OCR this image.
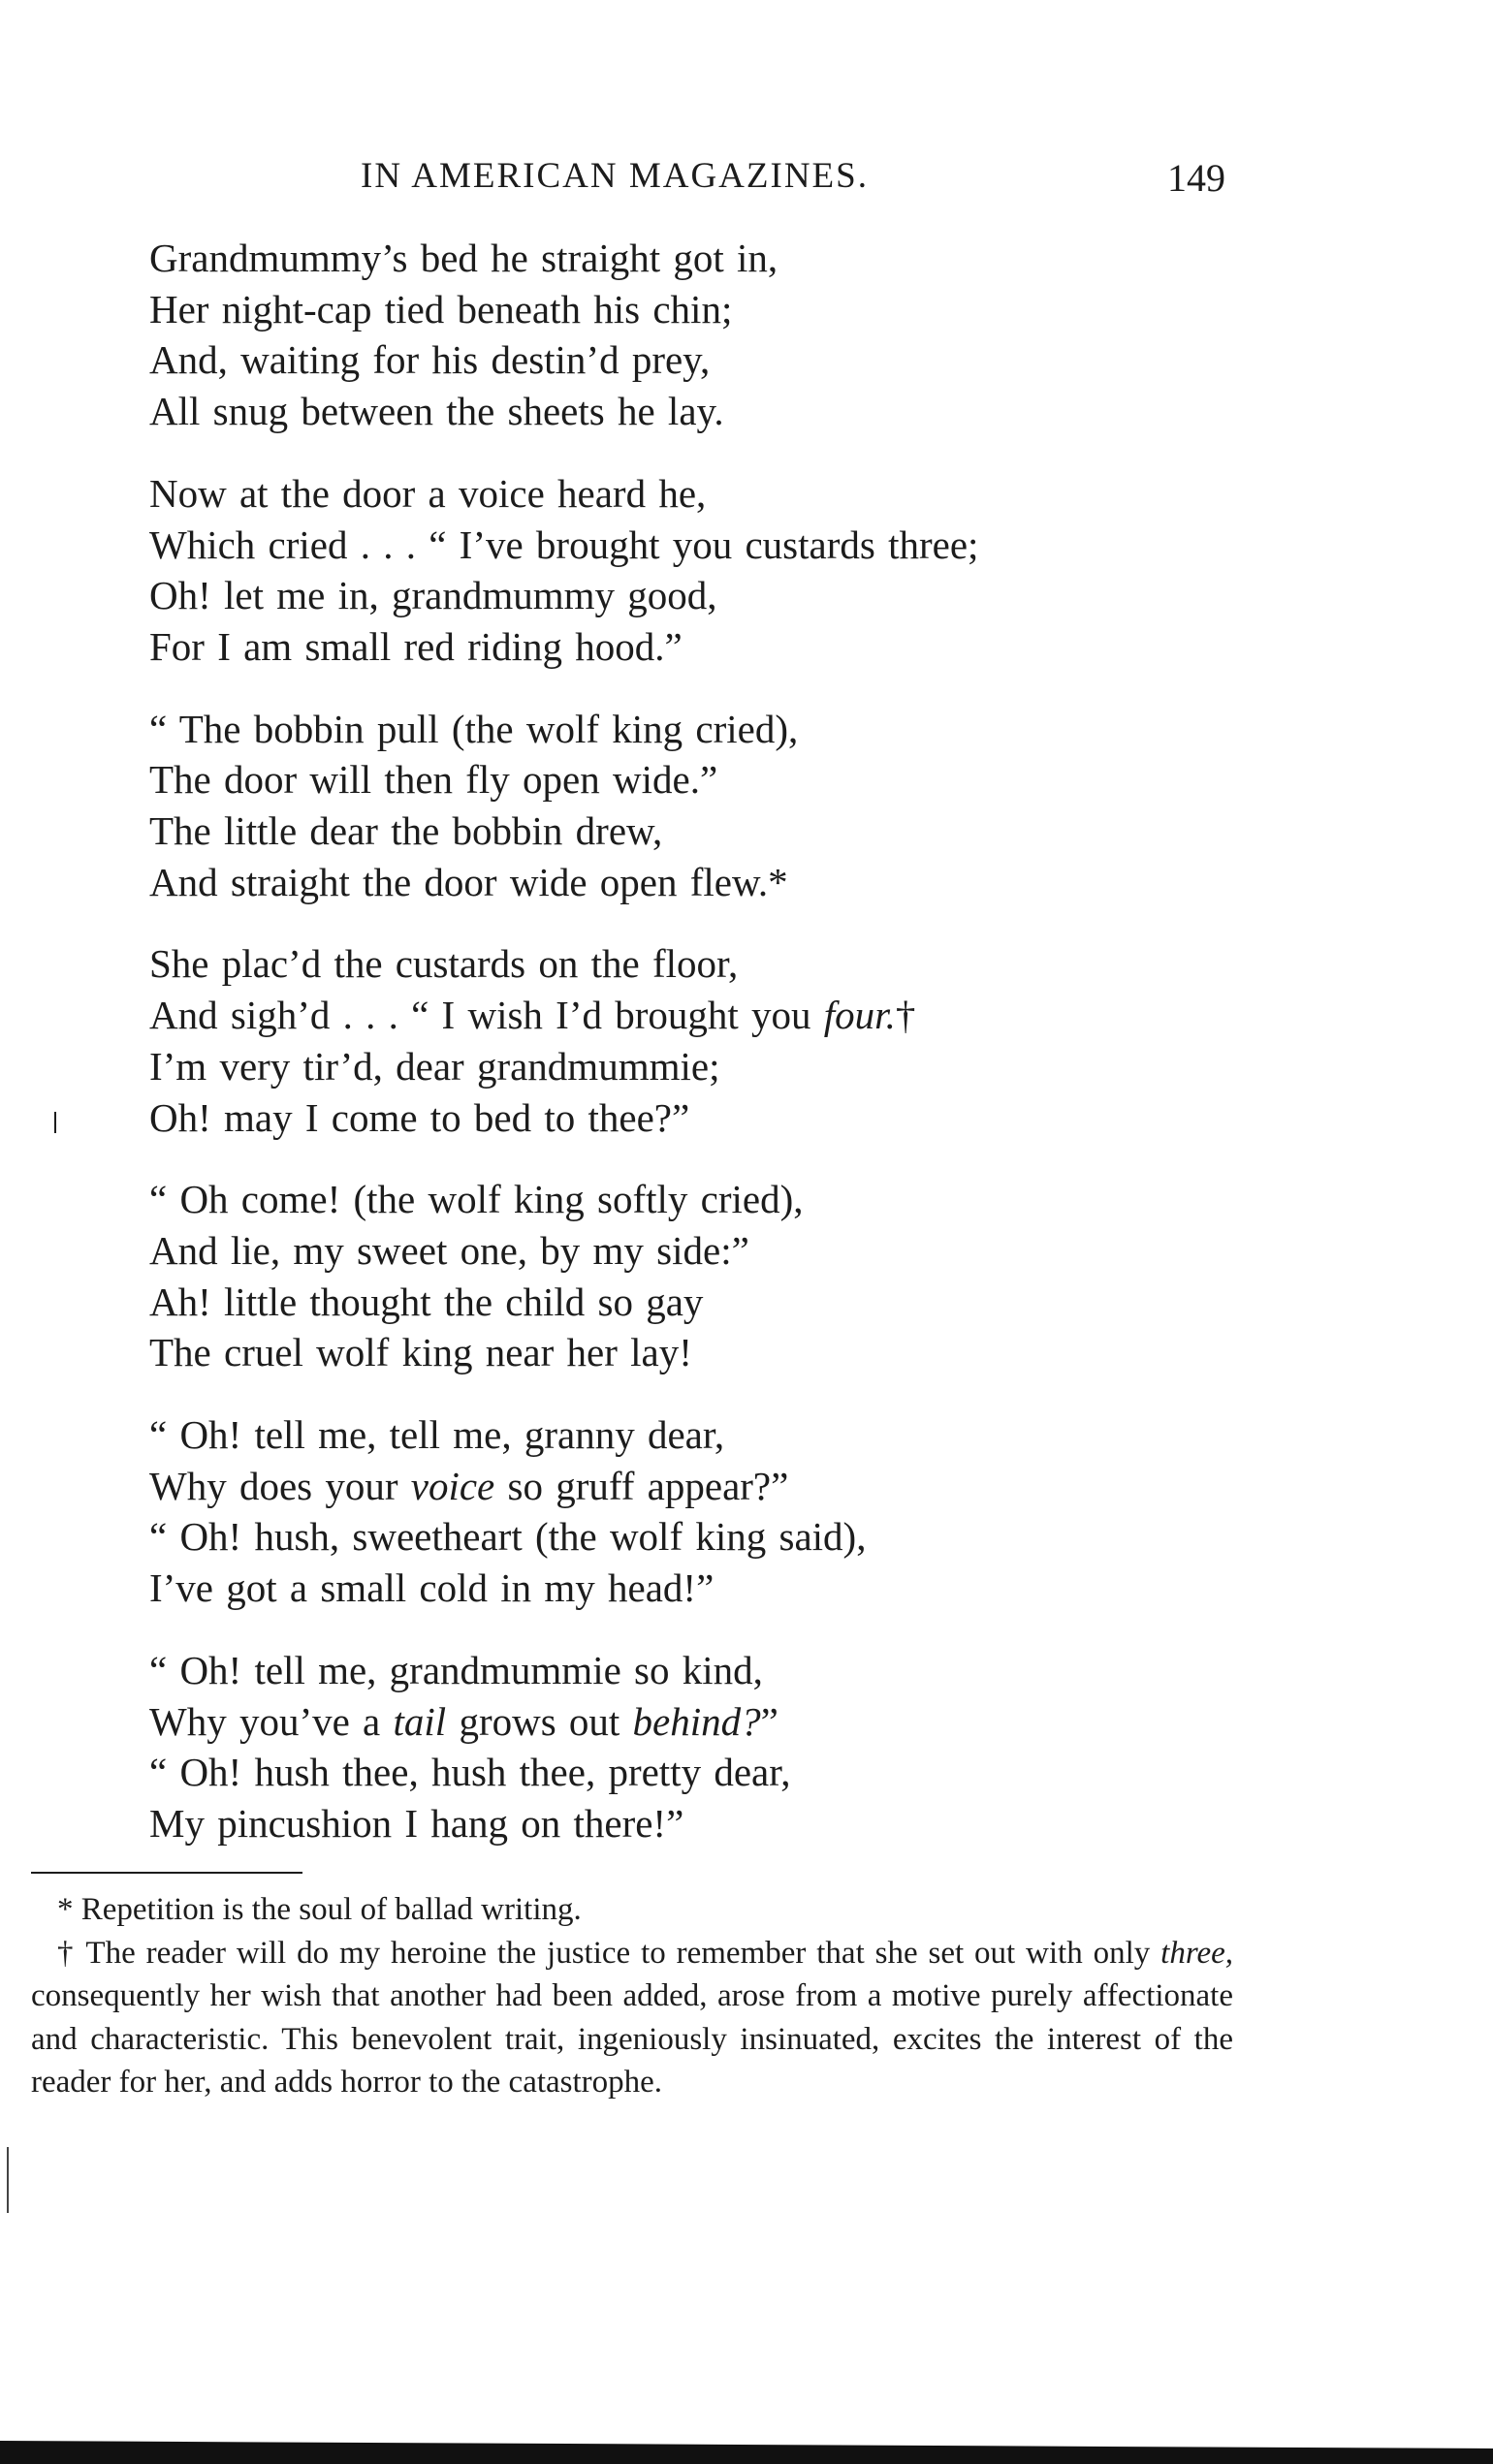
IN AMERICAN MAGAZINES.	149
Grandmummy’s bed he straight got in,
Her night-cap tied beneath his chin;
And, waiting for his destin’d prey,
All snug between the sheets he lay.
Now at the door a voice heard he,
Which cried . . . “ I’ve brought you custards three;
Oh! let me in, grandmummy good,
For I am small red riding hood.”
“ The bobbin pull (the wolf king cried),
The door will then fly open wide.”
The little dear the bobbin drew,
And straight the door wide open flew.*
She plac’d the custards on the floor,
And sigh’d . . . “ I wish I’d brought you four.†
I’m very tir’d, dear grandmummie;
Oh! may I come to bed to thee?”
“ Oh come! (the wolf king softly cried),
And lie, my sweet one, by my side:”
Ah! little thought the child so gay
The cruel wolf king near her lay!
“ Oh! tell me, tell me, granny dear,
Why does your voice so gruff appear?”
“ Oh! hush, sweetheart (the wolf king said),
I’ve got a small cold in my head!”
“ Oh! tell me, grandmummie so kind,
Why you’ve a tail grows out behind?”
“ Oh! hush thee, hush thee, pretty dear,
My pincushion I hang on there!”

* Repetition is the soul of ballad writing.

† The reader will do my heroine the justice to remember that she set out with only three, consequently her wish that another had been added, arose from a motive purely affectionate and characteristic. This benevolent trait, ingeniously insinuated, excites the interest of the reader for her, and adds horror to the catastrophe.
